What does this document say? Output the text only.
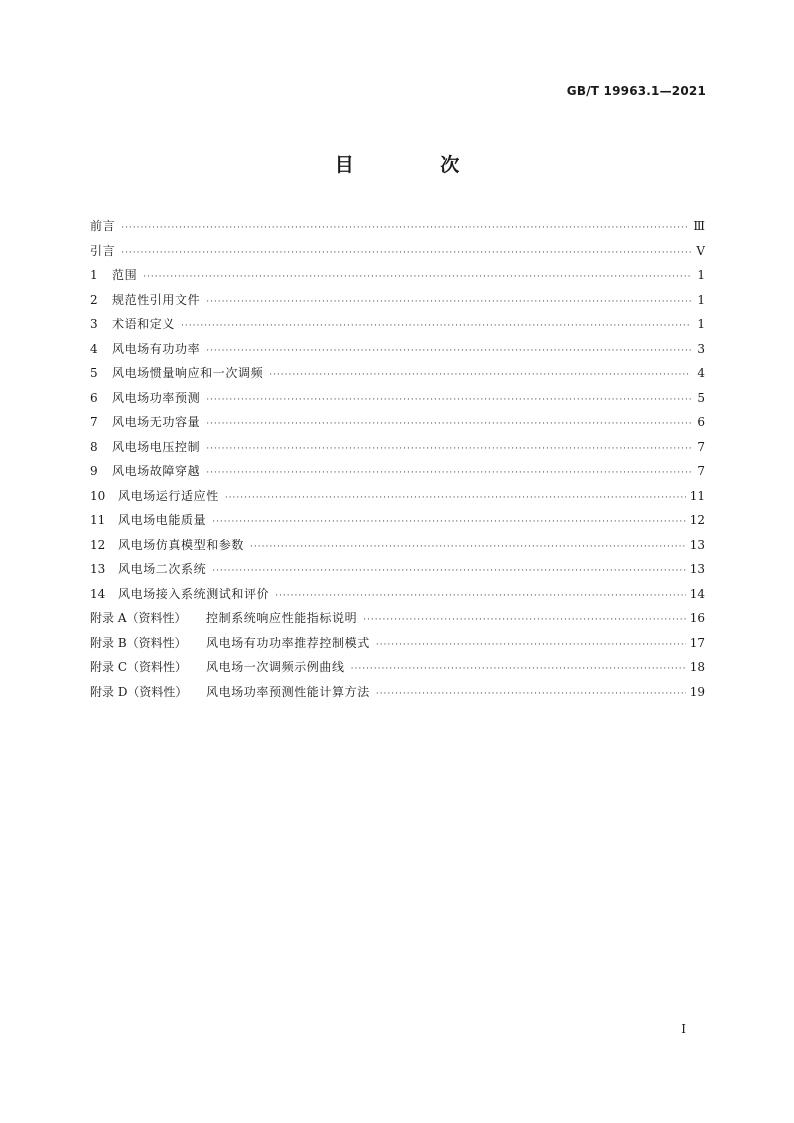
GB/T 19963.1—2021
目 次
前言 ·····	Ⅲ
引言 ·····	Ⅴ
1	范围 ·····	1
2	规范性引用文件 ·····	1
3	术语和定义 ·····	1
4	风电场有功功率 ·····	3
5	风电场惯量响应和一次调频 ·····	4
6	风电场功率预测 ·····	5
7	风电场无功容量 ·····	6
8	风电场电压控制 ·····	7
9	风电场故障穿越 ·····	7
10	风电场运行适应性 ·····	11
11	风电场电能质量 ·····	12
12	风电场仿真模型和参数 ·····	13
13	风电场二次系统 ·····	13
14	风电场接入系统测试和评价 ·····	14
附录 A（资料性）	控制系统响应性能指标说明 ·····	16
附录 B（资料性）	风电场有功功率推荐控制模式 ·····	17
附录 C（资料性）	风电场一次调频示例曲线 ·····	18
附录 D（资料性）	风电场功率预测性能计算方法 ·····	19
Ⅰ
